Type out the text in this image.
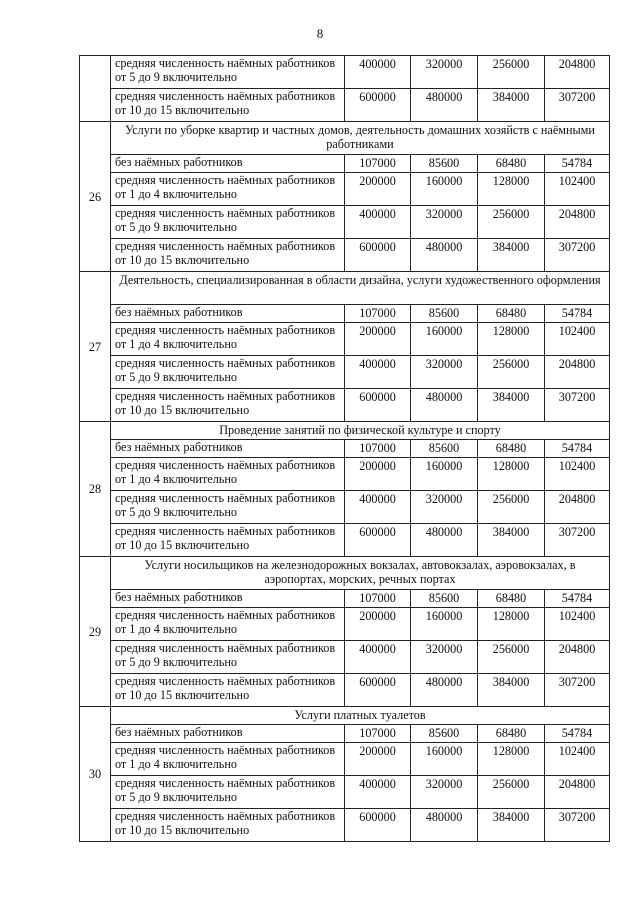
8
	средняя численность наёмных работников от 5 до 9 включительно	400000	320000	256000	204800
	средняя численность наёмных работников от 10 до 15 включительно	600000	480000	384000	307200
26	Услуги по уборке квартир и частных домов, деятельность домашних хозяйств с наёмными работниками				
	без наёмных работников	107000	85600	68480	54784
	средняя численность наёмных работников от 1 до 4 включительно	200000	160000	128000	102400
	средняя численность наёмных работников от 5 до 9 включительно	400000	320000	256000	204800
	средняя численность наёмных работников от 10 до 15 включительно	600000	480000	384000	307200
27	Деятельность, специализированная в области дизайна, услуги художественного оформления				
	без наёмных работников	107000	85600	68480	54784
	средняя численность наёмных работников от 1 до 4 включительно	200000	160000	128000	102400
	средняя численность наёмных работников от 5 до 9 включительно	400000	320000	256000	204800
	средняя численность наёмных работников от 10 до 15 включительно	600000	480000	384000	307200
28	Проведение занятий по физической культуре и спорту				
	без наёмных работников	107000	85600	68480	54784
	средняя численность наёмных работников от 1 до 4 включительно	200000	160000	128000	102400
	средняя численность наёмных работников от 5 до 9 включительно	400000	320000	256000	204800
	средняя численность наёмных работников от 10 до 15 включительно	600000	480000	384000	307200
29	Услуги носильщиков на железнодорожных вокзалах, автовокзалах, аэровокзалах, в аэропортах, морских, речных портах				
	без наёмных работников	107000	85600	68480	54784
	средняя численность наёмных работников от 1 до 4 включительно	200000	160000	128000	102400
	средняя численность наёмных работников от 5 до 9 включительно	400000	320000	256000	204800
	средняя численность наёмных работников от 10 до 15 включительно	600000	480000	384000	307200
30	Услуги платных туалетов				
	без наёмных работников	107000	85600	68480	54784
	средняя численность наёмных работников от 1 до 4 включительно	200000	160000	128000	102400
	средняя численность наёмных работников от 5 до 9 включительно	400000	320000	256000	204800
	средняя численность наёмных работников от 10 до 15 включительно	600000	480000	384000	307200
